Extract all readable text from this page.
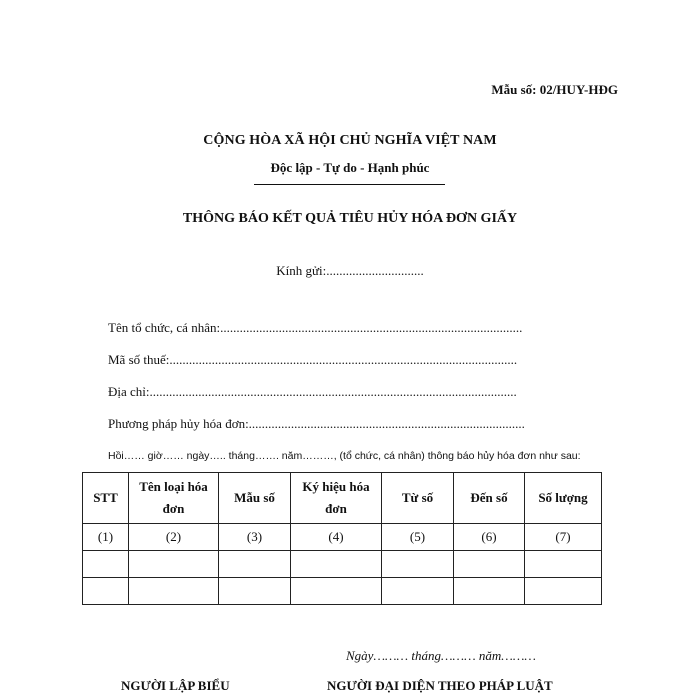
Mẫu số: 02/HUY-HĐG
CỘNG HÒA XÃ HỘI CHỦ NGHĨA VIỆT NAM
Độc lập - Tự do - Hạnh phúc
THÔNG BÁO KẾT QUẢ TIÊU HỦY HÓA ĐƠN GIẤY
Kính gửi:..............................
Tên tổ chức, cá nhân:.............................................................................................
Mã số thuế:...........................................................................................................
Địa chỉ:.................................................................................................................
Phương pháp hủy hóa đơn:.....................................................................................
Hồi…… giờ…… ngày….. tháng……. năm………, (tổ chức, cá nhân) thông báo hủy hóa đơn như sau:
STT	Tên loại hóa đơn	Mẫu số	Ký hiệu hóa đơn	Từ số	Đến số	Số lượng
(1)	(2)	(3)	(4)	(5)	(6)	(7)

Ngày……… tháng……… năm………
NGƯỜI LẬP BIỂU	NGƯỜI ĐẠI DIỆN THEO PHÁP LUẬT
